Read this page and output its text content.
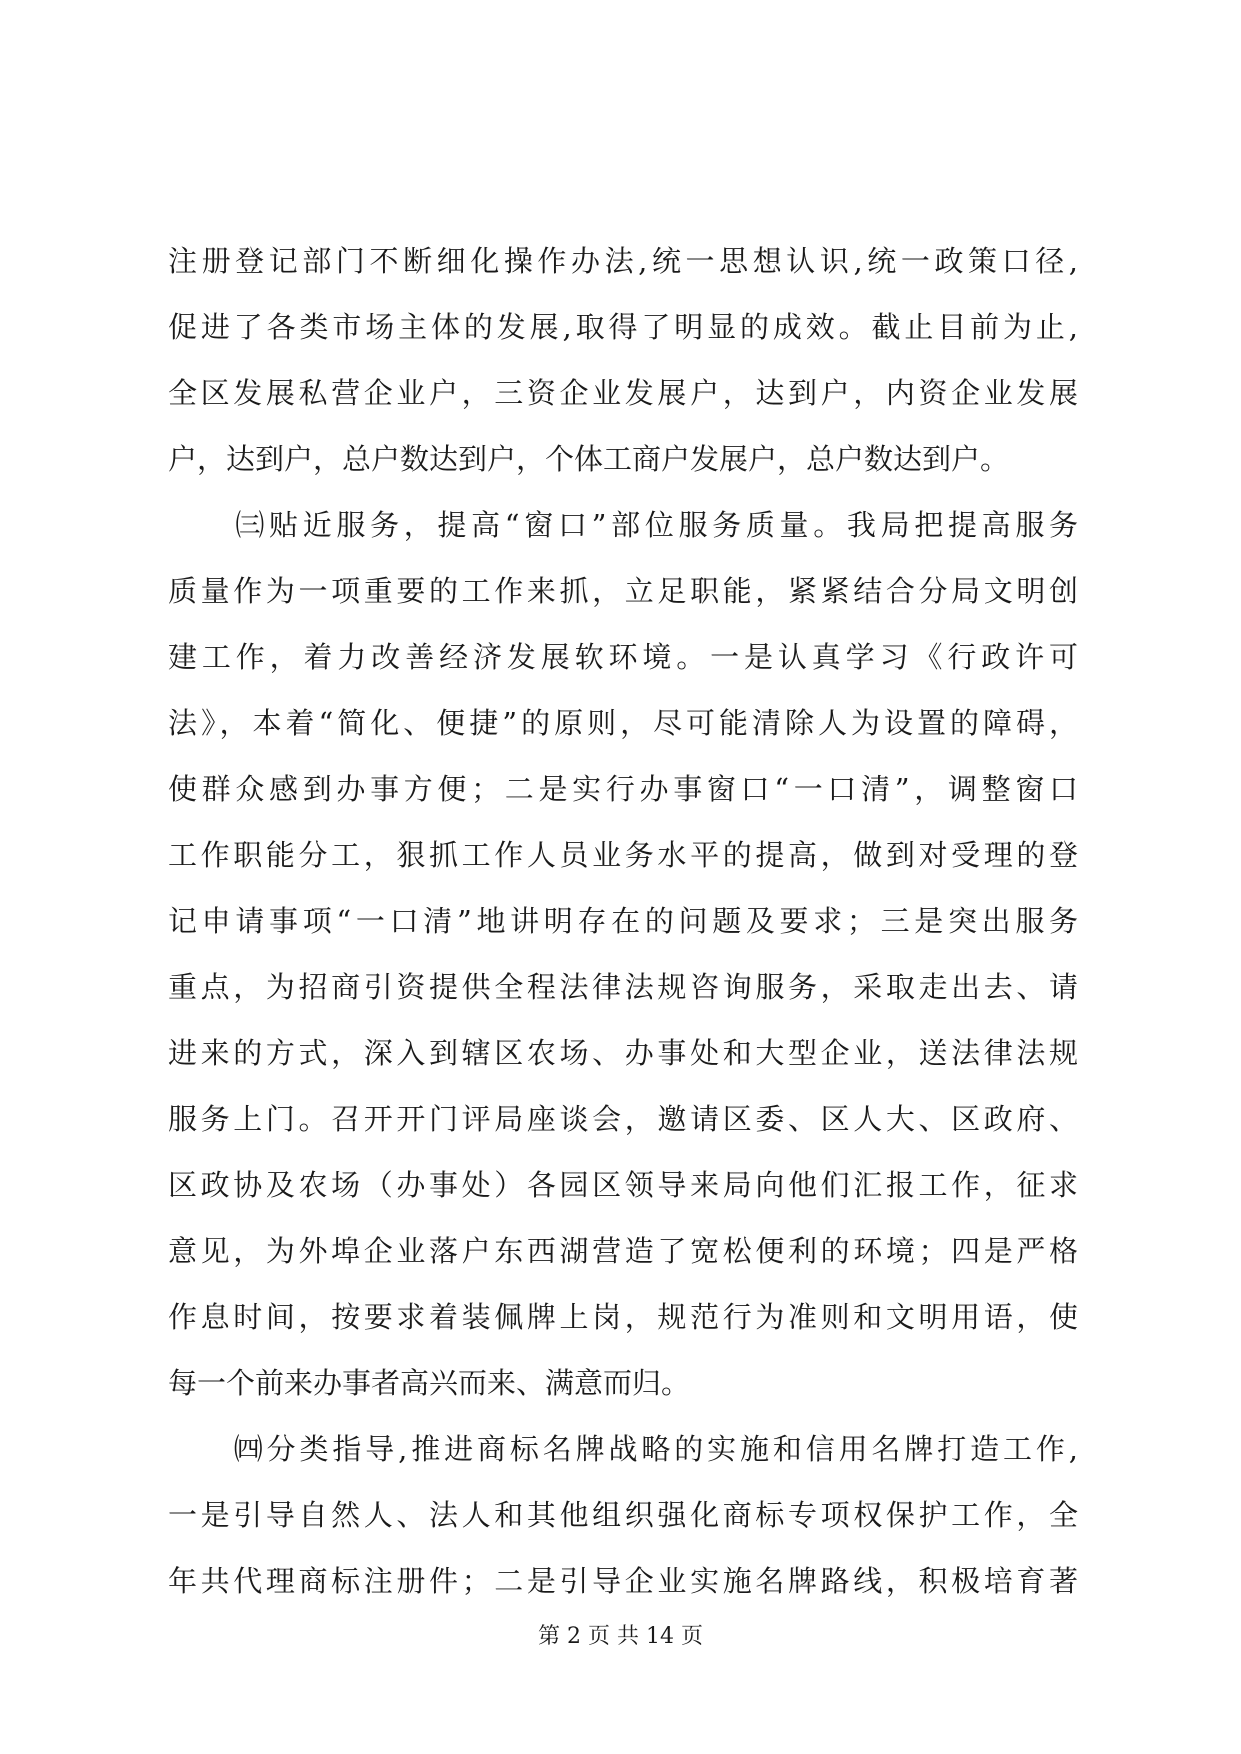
注册登记部门不断细化操作办法,统一思想认识,统一政策口径,
促进了各类市场主体的发展,取得了明显的成效。截止目前为止,
全区发展私营企业户，三资企业发展户，达到户，内资企业发展
户，达到户，总户数达到户，个体工商户发展户，总户数达到户。
　　㈢贴近服务，提高“窗口”部位服务质量。我局把提高服务
质量作为一项重要的工作来抓，立足职能，紧紧结合分局文明创
建工作，着力改善经济发展软环境。一是认真学习《行政许可
法》，本着“简化、便捷”的原则，尽可能清除人为设置的障碍，
使群众感到办事方便；二是实行办事窗口“一口清”，调整窗口
工作职能分工，狠抓工作人员业务水平的提高，做到对受理的登
记申请事项“一口清”地讲明存在的问题及要求；三是突出服务
重点，为招商引资提供全程法律法规咨询服务，采取走出去、请
进来的方式，深入到辖区农场、办事处和大型企业，送法律法规
服务上门。召开开门评局座谈会，邀请区委、区人大、区政府、
区政协及农场（办事处）各园区领导来局向他们汇报工作，征求
意见，为外埠企业落户东西湖营造了宽松便利的环境；四是严格
作息时间，按要求着装佩牌上岗，规范行为准则和文明用语，使
每一个前来办事者高兴而来、满意而归。
　　㈣分类指导,推进商标名牌战略的实施和信用名牌打造工作,
一是引导自然人、法人和其他组织强化商标专项权保护工作，全
年共代理商标注册件；二是引导企业实施名牌路线，积极培育著
第 2 页 共 14 页
